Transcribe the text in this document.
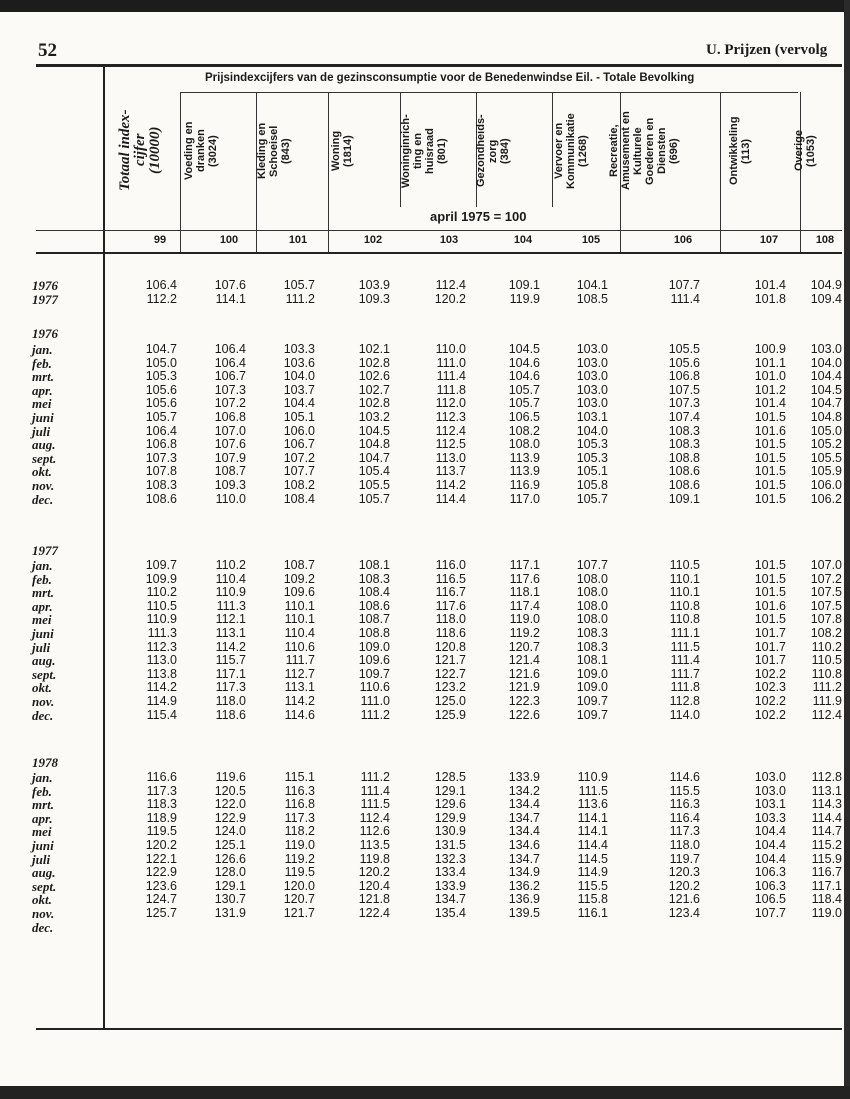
52	U. Prijzen (vervolg
Prijsindexcijfers van de gezinsconsumptie voor de Benedenwindse Eil. - Totale Bevolking
Totaal index-
cijfer
(10000) Voeding en
dranken
(3024)	Kleding en
Schoeisel
(843)	Woning
(1814)	Woninginrich-
ting en
huisraad
(801)	Gezondheids-
zorg
(384)	Vervoer en
Kommunikatie
(1268)	Recreatie,
Amusement en
Kulturele
Goederen en
Diensten
(696)	Ontwikkeling
(113)	Overige
(1053)
april 1975 = 100
99	100	101	102	103	104	105	106	107	108
1976	106.4	107.6	105.7	103.9	112.4	109.1	104.1	107.7	101.4	104.9
1977	112.2	114.1	111.2	109.3	120.2	119.9	108.5	111.4	101.8	109.4
1976
jan.	104.7	106.4	103.3	102.1	110.0	104.5	103.0	105.5	100.9	103.0
feb.	105.0	106.4	103.6	102.8	111.0	104.6	103.0	105.6	101.1	104.0
mrt.	105.3	106.7	104.0	102.6	111.4	104.6	103.0	106.8	101.0	104.4
apr.	105.6	107.3	103.7	102.7	111.8	105.7	103.0	107.5	101.2	104.5
mei	105.6	107.2	104.4	102.8	112.0	105.7	103.0	107.3	101.4	104.7
juni	105.7	106.8	105.1	103.2	112.3	106.5	103.1	107.4	101.5	104.8
juli	106.4	107.0	106.0	104.5	112.4	108.2	104.0	108.3	101.6	105.0
aug.	106.8	107.6	106.7	104.8	112.5	108.0	105.3	108.3	101.5	105.2
sept.	107.3	107.9	107.2	104.7	113.0	113.9	105.3	108.8	101.5	105.5
okt.	107.8	108.7	107.7	105.4	113.7	113.9	105.1	108.6	101.5	105.9
nov.	108.3	109.3	108.2	105.5	114.2	116.9	105.8	108.6	101.5	106.0
dec.	108.6	110.0	108.4	105.7	114.4	117.0	105.7	109.1	101.5	106.2
1977
jan.	109.7	110.2	108.7	108.1	116.0	117.1	107.7	110.5	101.5	107.0
feb.	109.9	110.4	109.2	108.3	116.5	117.6	108.0	110.1	101.5	107.2
mrt.	110.2	110.9	109.6	108.4	116.7	118.1	108.0	110.1	101.5	107.5
apr.	110.5	111.3	110.1	108.6	117.6	117.4	108.0	110.8	101.6	107.5
mei	110.9	112.1	110.1	108.7	118.0	119.0	108.0	110.8	101.5	107.8
juni	111.3	113.1	110.4	108.8	118.6	119.2	108.3	111.1	101.7	108.2
juli	112.3	114.2	110.6	109.0	120.8	120.7	108.3	111.5	101.7	110.2
aug.	113.0	115.7	111.7	109.6	121.7	121.4	108.1	111.4	101.7	110.5
sept.	113.8	117.1	112.7	109.7	122.7	121.6	109.0	111.7	102.2	110.8
okt.	114.2	117.3	113.1	110.6	123.2	121.9	109.0	111.8	102.3	111.2
nov.	114.9	118.0	114.2	111.0	125.0	122.3	109.7	112.8	102.2	111.9
dec.	115.4	118.6	114.6	111.2	125.9	122.6	109.7	114.0	102.2	112.4
1978
jan.	116.6	119.6	115.1	111.2	128.5	133.9	110.9	114.6	103.0	112.8
feb.	117.3	120.5	116.3	111.4	129.1	134.2	111.5	115.5	103.0	113.1
mrt.	118.3	122.0	116.8	111.5	129.6	134.4	113.6	116.3	103.1	114.3
apr.	118.9	122.9	117.3	112.4	129.9	134.7	114.1	116.4	103.3	114.4
mei	119.5	124.0	118.2	112.6	130.9	134.4	114.1	117.3	104.4	114.7
juni	120.2	125.1	119.0	113.5	131.5	134.6	114.4	118.0	104.4	115.2
juli	122.1	126.6	119.2	119.8	132.3	134.7	114.5	119.7	104.4	115.9
aug.	122.9	128.0	119.5	120.2	133.4	134.9	114.9	120.3	106.3	116.7
sept.	123.6	129.1	120.0	120.4	133.9	136.2	115.5	120.2	106.3	117.1
okt.	124.7	130.7	120.7	121.8	134.7	136.9	115.8	121.6	106.5	118.4
nov.	125.7	131.9	121.7	122.4	135.4	139.5	116.1	123.4	107.7	119.0
dec.
